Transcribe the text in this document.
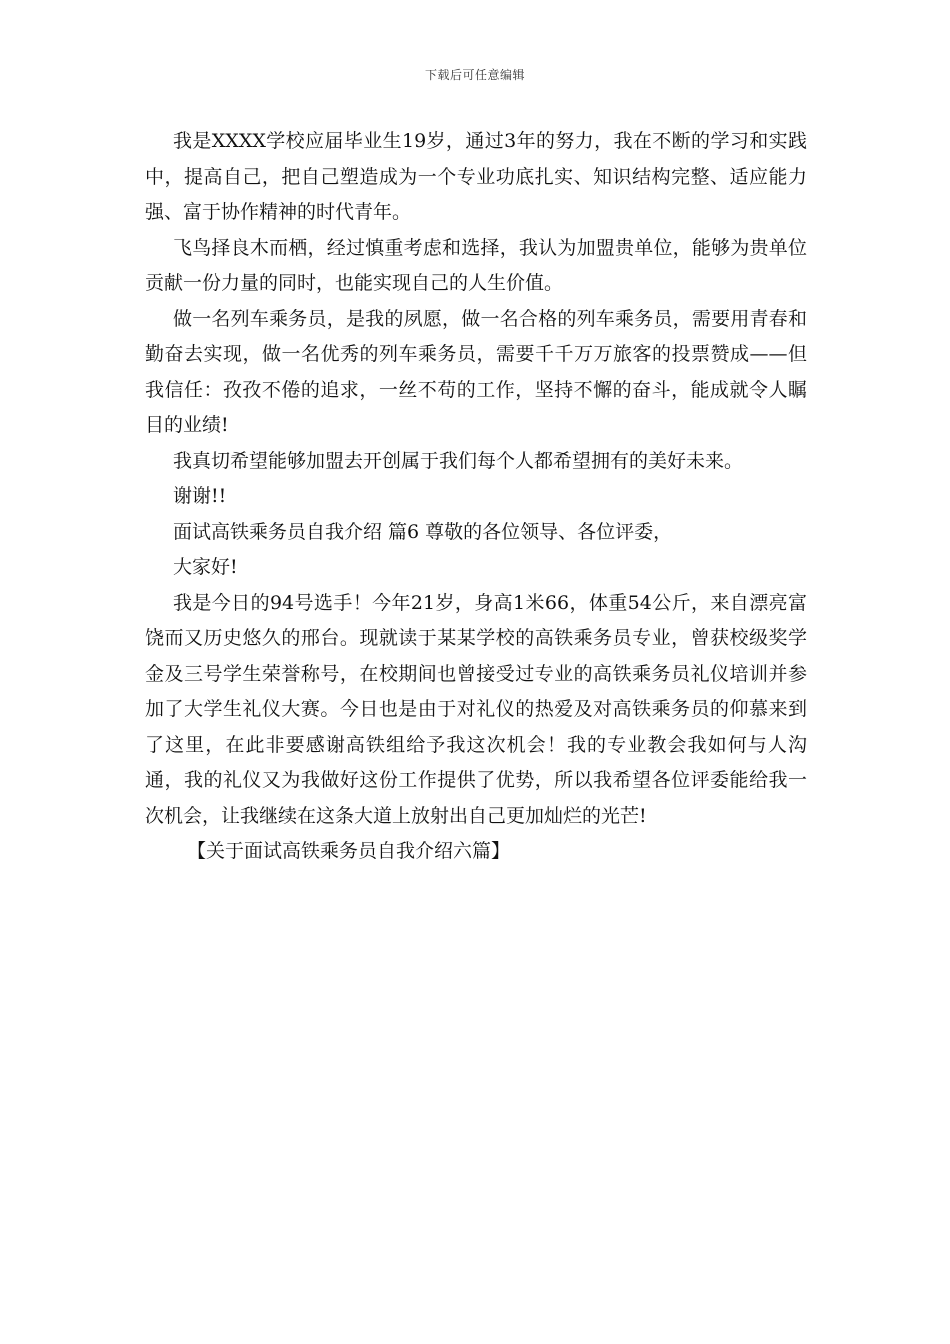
下载后可任意编辑

我是XXXX学校应届毕业生19岁，通过3年的努力，我在不断的学习和实践中，提高自己，把自己塑造成为一个专业功底扎实、知识结构完整、适应能力强、富于协作精神的时代青年。

飞鸟择良木而栖，经过慎重考虑和选择，我认为加盟贵单位，能够为贵单位贡献一份力量的同时，也能实现自己的人生价值。

做一名列车乘务员，是我的夙愿，做一名合格的列车乘务员，需要用青春和勤奋去实现，做一名优秀的列车乘务员，需要千千万万旅客的投票赞成——但我信任：孜孜不倦的追求，一丝不苟的工作，坚持不懈的奋斗，能成就令人瞩目的业绩!

我真切希望能够加盟去开创属于我们每个人都希望拥有的美好未来。

谢谢!!

面试高铁乘务员自我介绍 篇6 尊敬的各位领导、各位评委，

大家好!

我是今日的94号选手！今年21岁，身高1米66，体重54公斤，来自漂亮富饶而又历史悠久的邢台。现就读于某某学校的高铁乘务员专业，曾获校级奖学金及三号学生荣誉称号，在校期间也曾接受过专业的高铁乘务员礼仪培训并参加了大学生礼仪大赛。今日也是由于对礼仪的热爱及对高铁乘务员的仰慕来到了这里，在此非要感谢高铁组给予我这次机会！我的专业教会我如何与人沟通，我的礼仪又为我做好这份工作提供了优势，所以我希望各位评委能给我一次机会，让我继续在这条大道上放射出自己更加灿烂的光芒!

【关于面试高铁乘务员自我介绍六篇】
